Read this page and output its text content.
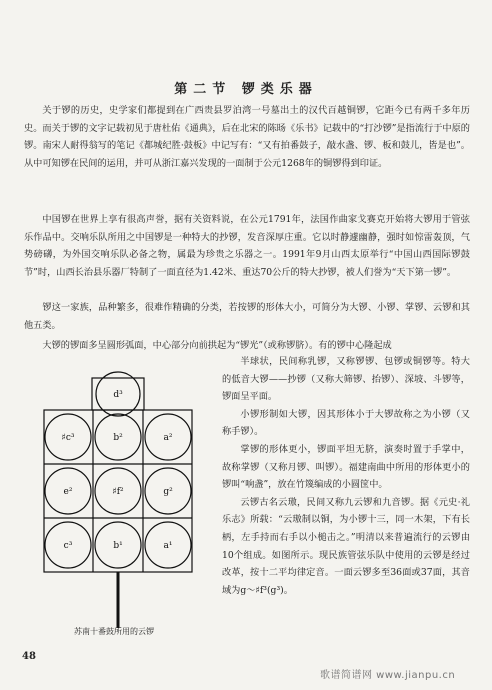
第二节 锣类乐器

关于锣的历史，史学家们都提到在广西贵县罗泊湾一号墓出土的汉代百越铜锣，它距今已有两千多年历史。而关于锣的文字记载初见于唐杜佑《通典》，后在北宋的陈旸《乐书》记载中的“打沙锣”是指流行于中原的锣。南宋人耐得翁写的笔记《都城纪胜·鼓板》中记写有：“又有拍番鼓子，敲水盏、锣、板和鼓儿，皆是也”。从中可知锣在民间的运用，并可从浙江嘉兴发现的一面制于公元1268年的铜锣得到印证。

中国锣在世界上享有很高声誉，据有关资料说，在公元1791年，法国作曲家戈赛克开始将大锣用于管弦乐作品中。交响乐队所用之中国锣是一种特大的抄锣，发音深厚庄重。它以时静遽幽静，强时如惊雷轰顶，气势磅礴，为外国交响乐队必备之物，属最为珍贵之乐器之一。1991年9月山西太原举行“中国山西国际锣鼓节”时，山西长治县乐器厂特制了一面直径为1.42米、重达70公斤的特大抄锣，被人们誉为“天下第一锣”。

锣这一家族，品种繁多，很难作精确的分类，若按锣的形体大小，可简分为大锣、小锣、掌锣、云锣和其他五类。

大锣的锣面多呈圆形弧面，中心部分向前拱起为“锣光”（或称锣脐）。有的锣中心隆起成

d³
♯c³	b²	a²
e²	♯f²	g²
c³	b¹	a¹
苏南十番鼓所用的云锣

半球状，民间称乳锣，又称锣锣、包锣或铜锣等。特大的低音大锣——抄锣（又称大筛锣、抬锣）、深坡、斗锣等，锣面呈平面。

小锣形制如大锣，因其形体小于大锣故称之为小锣（又称手锣）。

掌锣的形体更小，锣面平坦无脐，演奏时置于手掌中，故称掌锣（又称月锣、叫锣）。福建南曲中所用的形体更小的锣叫“响盏”，放在竹篾编成的小圆筐中。

云锣古名云璈，民间又称九云锣和九音锣。据《元史·礼乐志》所载：“云璈制以铜，为小锣十三，同一木架，下有长柄，左手持而右手以小槌击之。”明清以来普遍流行的云锣由10个组成。如图所示。现民族管弦乐队中使用的云锣是经过改革，按十二平均律定音。一面云锣多至36面或37面，其音域为g～♯f³(g³)。

48
歌谱简谱网 www.jianpu.cn
